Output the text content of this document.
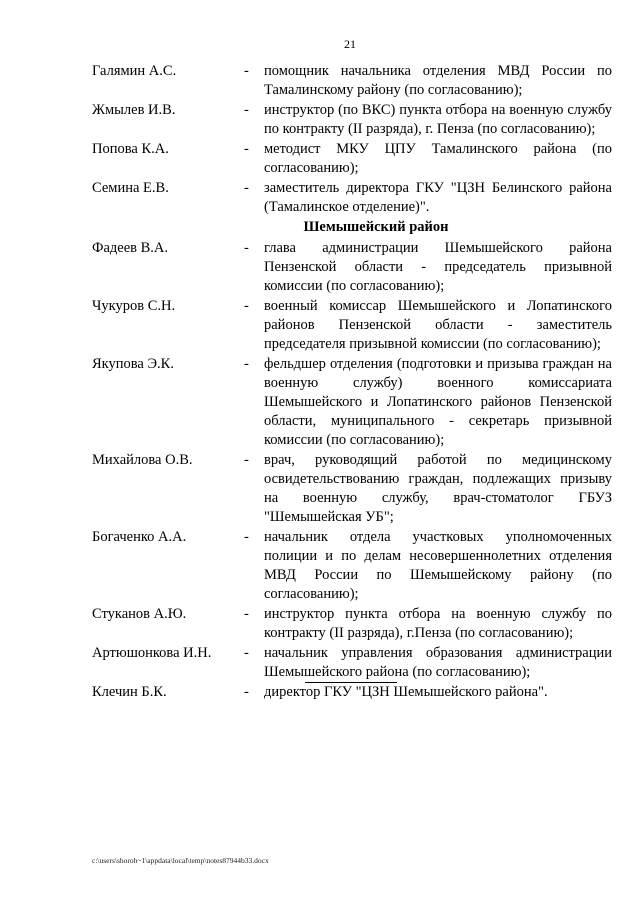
21
Галямин А.С.	-	помощник начальника отделения МВД России по Тамалинскому району (по согласованию);
Жмылев И.В.	-	инструктор (по ВКС) пункта отбора на военную службу по контракту (II разряда), г. Пенза (по согласованию);
Попова К.А.	-	методист МКУ ЦПУ Тамалинского района (по согласованию);
Семина Е.В.	-	заместитель директора ГКУ "ЦЗН Белинского района (Тамалинское отделение)".
Шемышейский район
Фадеев В.А.	-	глава администрации Шемышейского района Пензенской области - председатель призывной комиссии (по согласованию);
Чукуров С.Н.	-	военный комиссар Шемышейского и Лопатинского районов Пензенской области - заместитель председателя призывной комиссии (по согласованию);
Якупова Э.К.	-	фельдшер отделения (подготовки и призыва граждан на военную службу) военного комиссариата Шемышейского и Лопатинского районов Пензенской области, муниципального - секретарь призывной комиссии (по согласованию);
Михайлова О.В.	-	врач, руководящий работой по медицинскому освидетельствованию граждан, подлежащих призыву на военную службу, врач-стоматолог ГБУЗ "Шемышейская УБ";
Богаченко А.А.	-	начальник отдела участковых уполномоченных полиции и по делам несовершеннолетних отделения МВД России по Шемышейскому району (по согласованию);
Стуканов А.Ю.	-	инструктор пункта отбора на военную службу по контракту (II разряда), г.Пенза (по согласованию);
Артюшонкова И.Н.	-	начальник управления образования администрации Шемышейского района (по согласованию);
Клечин Б.К.	-	директор ГКУ "ЦЗН Шемышейского района".
c:\users\shoroh~1\appdata\local\temp\notes87944b33.docx
